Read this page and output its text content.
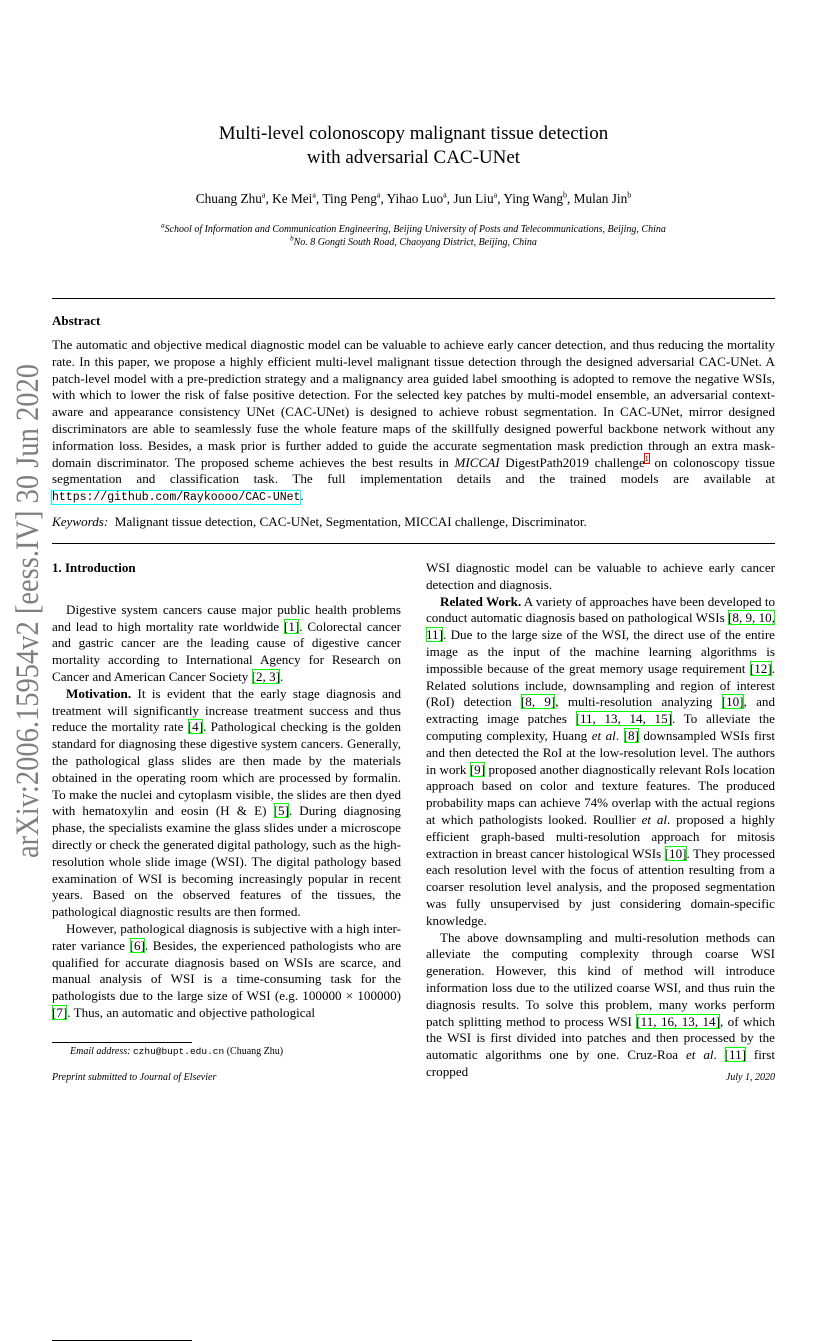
arXiv:2006.15954v2 [eess.IV] 30 Jun 2020
Multi-level colonoscopy malignant tissue detection
with adversarial CAC-UNet
Chuang Zhu$^a$, Ke Mei$^a$, Ting Peng$^a$, Yihao Luo$^a$, Jun Liu$^a$, Ying Wang$^b$, Mulan Jin$^b$
$^a$School of Information and Communication Engineering, Beijing University of Posts and Telecommunications, Beijing, China
$^b$No. 8 Gongti South Road, Chaoyang District, Beijing, China
Abstract
The automatic and objective medical diagnostic model can be valuable to achieve early cancer detection, and thus reducing the mortality rate. In this paper, we propose a highly efficient multi-level malignant tissue detection through the designed adversarial CAC-UNet. A patch-level model with a pre-prediction strategy and a malignancy area guided label smoothing is adopted to remove the negative WSIs, with which to lower the risk of false positive detection. For the selected key patches by multi-model ensemble, an adversarial context-aware and appearance consistency UNet (CAC-UNet) is designed to achieve robust segmentation. In CAC-UNet, mirror designed discriminators are able to seamlessly fuse the whole feature maps of the skillfully designed powerful backbone network without any information loss. Besides, a mask prior is further added to guide the accurate segmentation mask prediction through an extra mask-domain discriminator. The proposed scheme achieves the best results in MICCAI DigestPath2019 challenge$^1$ on colonoscopy tissue segmentation and classification task. The full implementation details and the trained models are available at https://github.com/Raykoooo/CAC-UNet.
Keywords: Malignant tissue detection, CAC-UNet, Segmentation, MICCAI challenge, Discriminator.
1. Introduction

Digestive system cancers cause major public health problems and lead to high mortality rate worldwide [1]. Colorectal cancer and gastric cancer are the leading cause of digestive cancer mortality according to International Agency for Research on Cancer and American Cancer Society [2, 3].

Motivation. It is evident that the early stage diagnosis and treatment will significantly increase treatment success and thus reduce the mortality rate [4]. Pathological checking is the golden standard for diagnosing these digestive system cancers. Generally, the pathological glass slides are then made by the materials obtained in the operating room which are processed by formalin. To make the nuclei and cytoplasm visible, the slides are then dyed with hematoxylin and eosin (H & E) [5]. During diagnosing phase, the specialists examine the glass slides under a microscope directly or check the generated digital pathology, such as the high-resolution whole slide image (WSI). The digital pathology based examination of WSI is becoming increasingly popular in recent years. Based on the observed features of the tissues, the pathological diagnostic results are then formed.

However, pathological diagnosis is subjective with a high inter-rater variance [6]. Besides, the experienced pathologists who are qualified for accurate diagnosis based on WSIs are scarce, and manual analysis of WSI is a time-consuming task for the pathologists due to the large size of WSI (e.g. 100000 × 100000) [7]. Thus, an automatic and objective pathological

WSI diagnostic model can be valuable to achieve early cancer detection and diagnosis.

Related Work. A variety of approaches have been developed to conduct automatic diagnosis based on pathological WSIs [8, 9, 10, 11]. Due to the large size of the WSI, the direct use of the entire image as the input of the machine learning algorithms is impossible because of the great memory usage requirement [12]. Related solutions include, downsampling and region of interest (RoI) detection [8, 9], multi-resolution analyzing [10], and extracting image patches [11, 13, 14, 15]. To alleviate the computing complexity, Huang et al. [8] downsampled WSIs first and then detected the RoI at the low-resolution level. The authors in work [9] proposed another diagnostically relevant RoIs location approach based on color and texture features. The produced probability maps can achieve 74% overlap with the actual regions at which pathologists looked. Roullier et al. proposed a highly efficient graph-based multi-resolution approach for mitosis extraction in breast cancer histological WSIs [10]. They processed each resolution level with the focus of attention resulting from a coarser resolution level analysis, and the proposed segmentation was fully unsupervised by just considering domain-specific knowledge.

The above downsampling and multi-resolution methods can alleviate the computing complexity through coarse WSI generation. However, this kind of method will introduce information loss due to the utilized coarse WSI, and thus ruin the diagnosis results. To solve this problem, many works perform patch splitting method to process WSI [11, 16, 13, 14], of which the WSI is first divided into patches and then processed by the automatic algorithms one by one. Cruz-Roa et al. [11] first cropped

Email address: czhu@bupt.edu.cn (Chuang Zhu)
Preprint submitted to Journal of Elsevier	July 1, 2020
